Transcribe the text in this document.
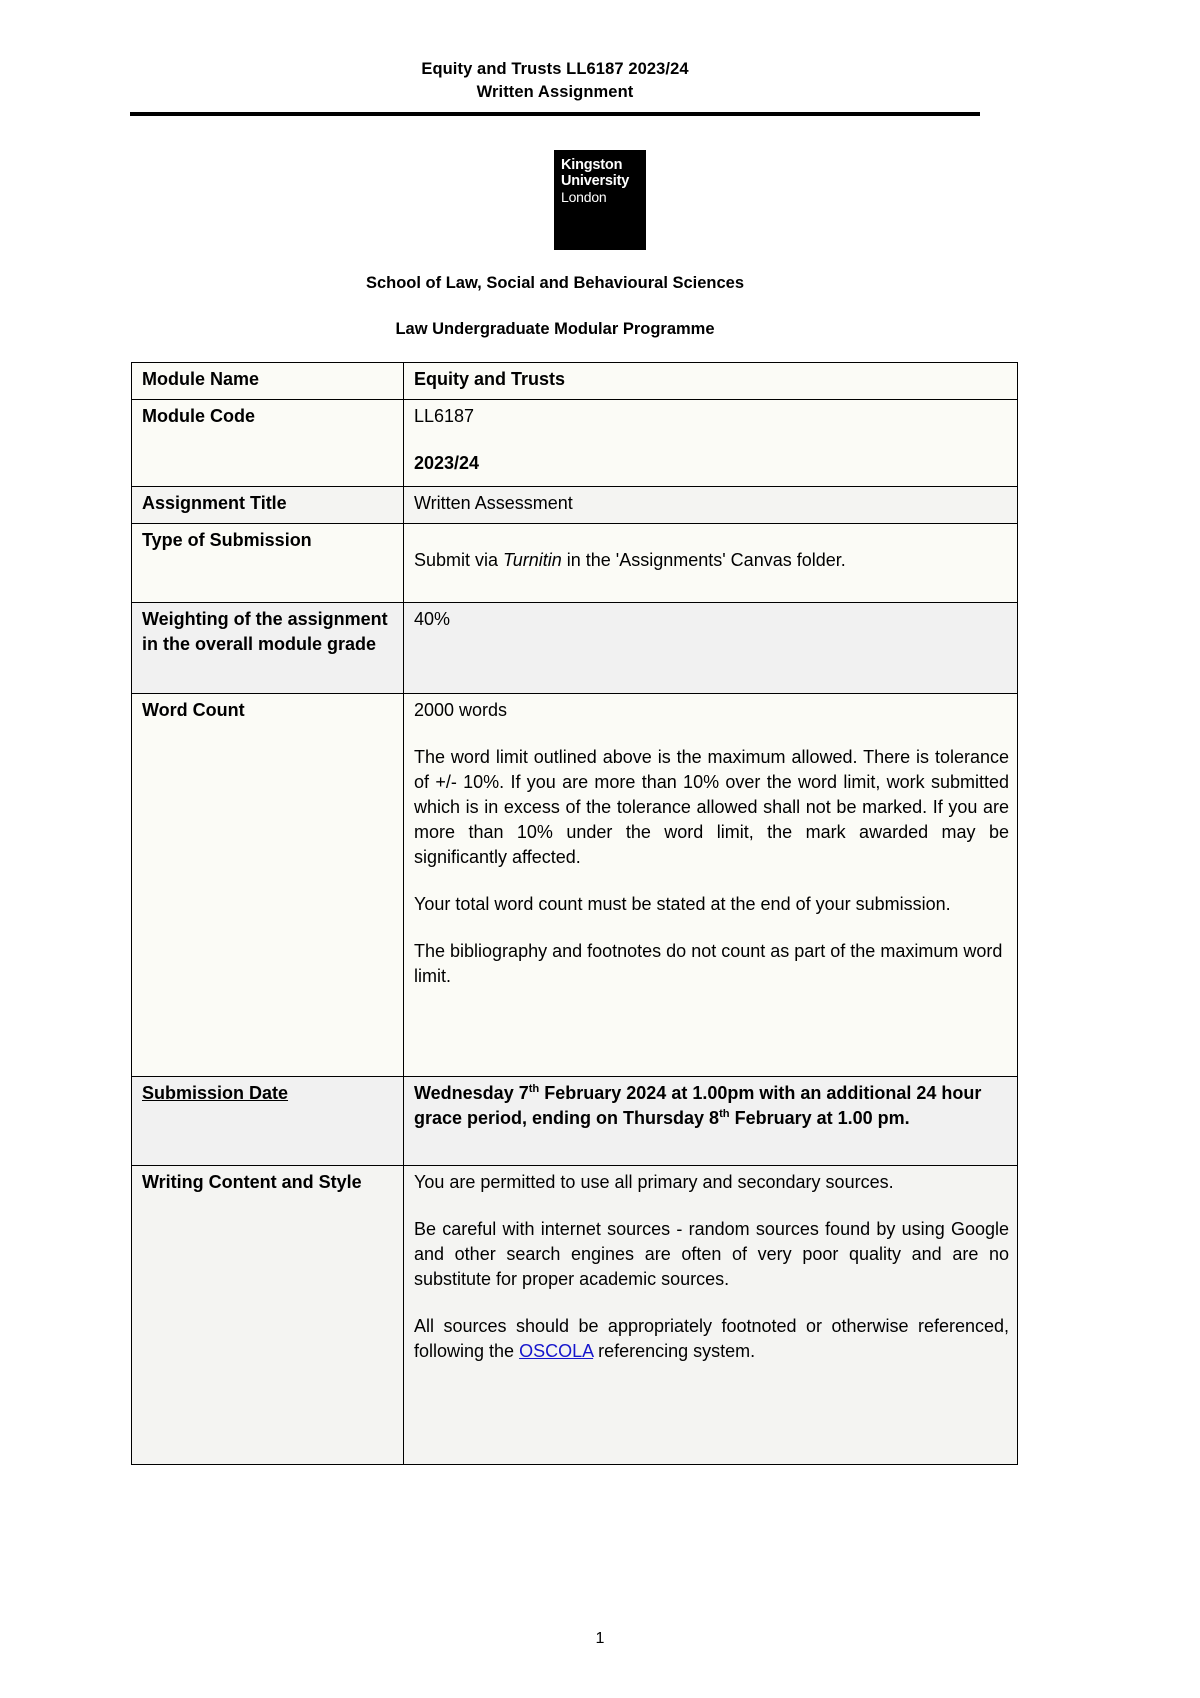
Equity and Trusts LL6187 2023/24
Written Assignment
Kingston
University
London
School of Law, Social and Behavioural Sciences
Law Undergraduate Modular Programme
Module Name	Equity and Trusts

Module Code	LL6187

2023/24

Assignment Title	Written Assessment

Type of Submission	Submit via Turnitin in the 'Assignments' Canvas folder.

Weighting of the assignment in the overall module grade	40%

Word Count	2000 words

The word limit outlined above is the maximum allowed. There is tolerance of +/- 10%. If you are more than 10% over the word limit, work submitted which is in excess of the tolerance allowed shall not be marked. If you are more than 10% under the word limit, the mark awarded may be significantly affected.

Your total word count must be stated at the end of your submission.

The bibliography and footnotes do not count as part of the maximum word limit.

Submission Date	Wednesday 7th February 2024 at 1.00pm with an additional 24 hour grace period, ending on Thursday 8th February at 1.00 pm.

Writing Content and Style	You are permitted to use all primary and secondary sources.

Be careful with internet sources - random sources found by using Google and other search engines are often of very poor quality and are no substitute for proper academic sources.

All sources should be appropriately footnoted or otherwise referenced, following the OSCOLA referencing system.

1
